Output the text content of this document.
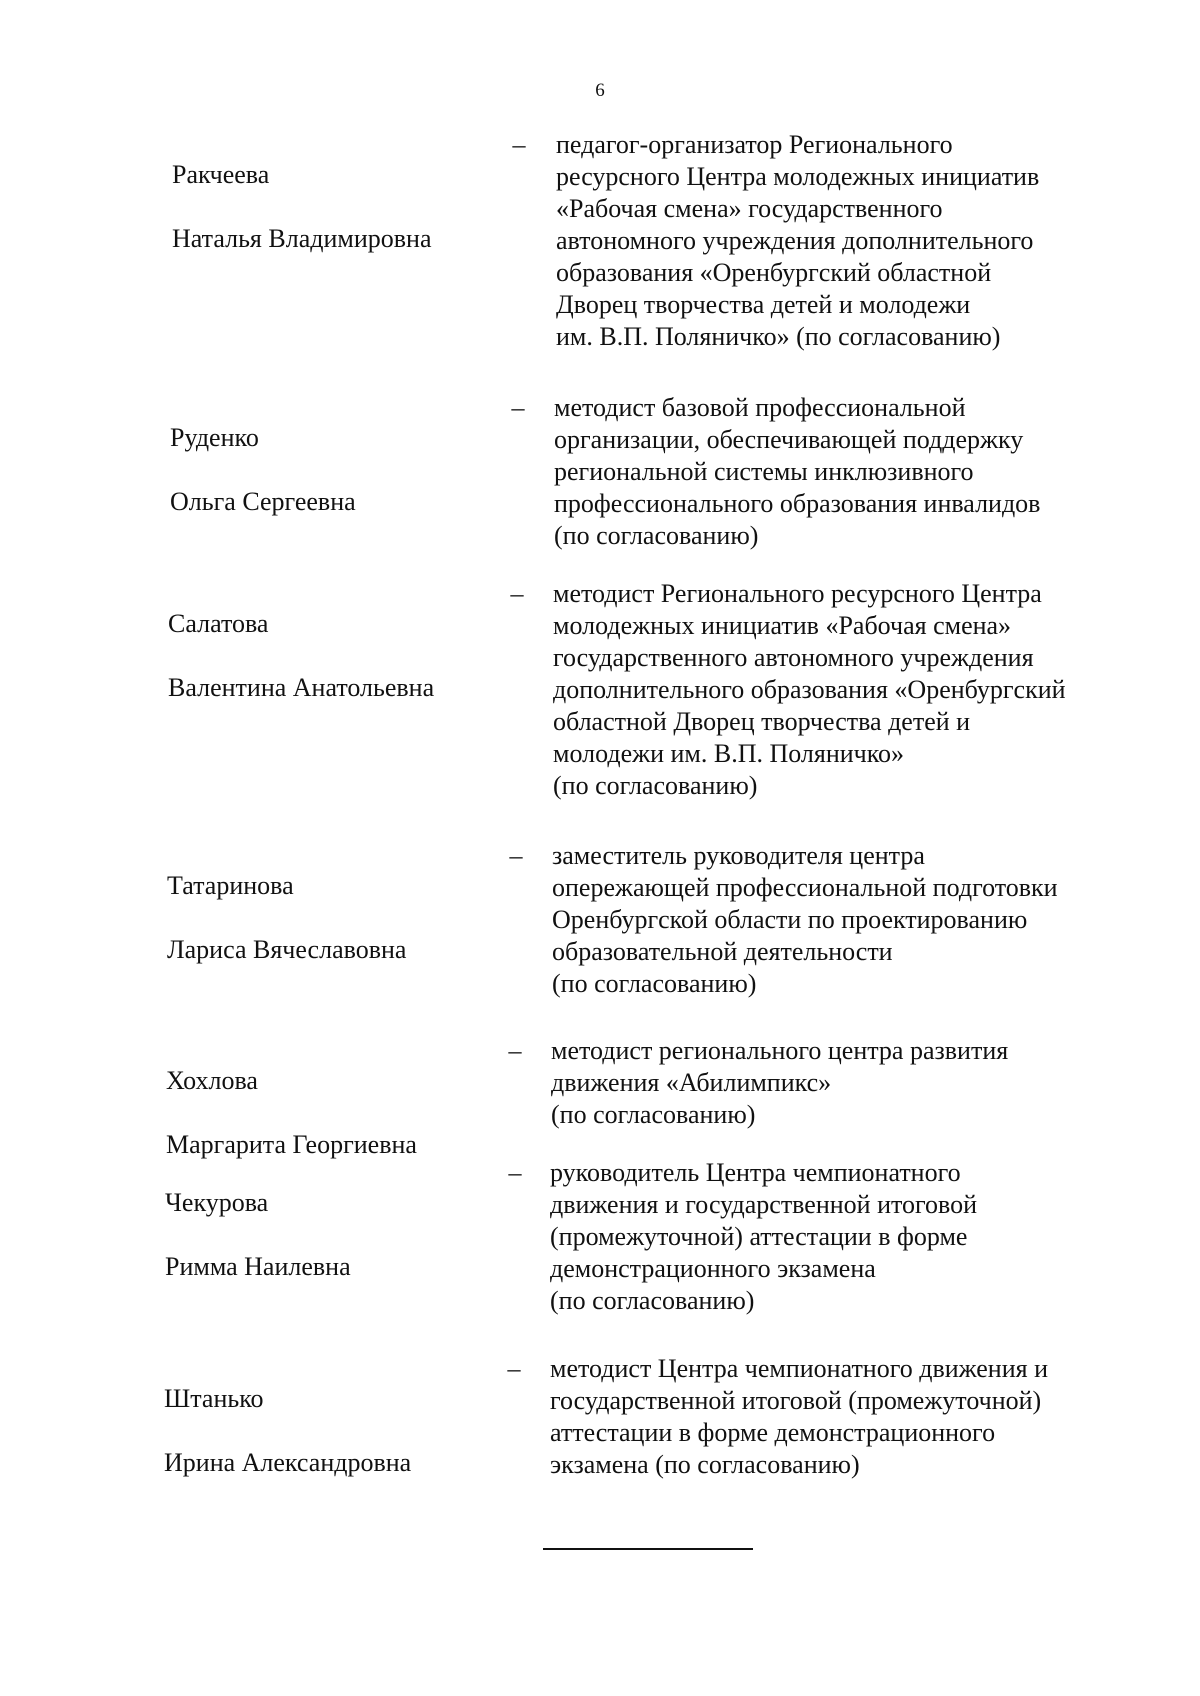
6

Ракчеева

Наталья Владимировна

–	педагог-организатор Регионального
ресурсного Центра молодежных инициатив
«Рабочая смена» государственного
автономного учреждения дополнительного
образования «Оренбургский областной
Дворец творчества детей и молодежи
им. В.П. Поляничко» (по согласованию)

Руденко

Ольга Сергеевна

–	методист базовой профессиональной
организации, обеспечивающей поддержку
региональной системы инклюзивного
профессионального образования инвалидов
(по согласованию)

Салатова

Валентина Анатольевна

–	методист Регионального ресурсного Центра
молодежных инициатив «Рабочая смена»
государственного автономного учреждения
дополнительного образования «Оренбургский
областной Дворец творчества детей и
молодежи им. В.П. Поляничко»
(по согласованию)

Татаринова

Лариса Вячеславовна

–	заместитель руководителя центра
опережающей профессиональной подготовки
Оренбургской области по проектированию
образовательной деятельности
(по согласованию)

Хохлова

Маргарита Георгиевна

–	методист регионального центра развития
движения «Абилимпикс»
(по согласованию)

Чекурова

Римма Наилевна

–	руководитель Центра чемпионатного
движения и государственной итоговой
(промежуточной) аттестации в форме
демонстрационного экзамена
(по согласованию)

Штанько

Ирина Александровна

–	методист Центра чемпионатного движения и
государственной итоговой (промежуточной)
аттестации в форме демонстрационного
экзамена (по согласованию)
